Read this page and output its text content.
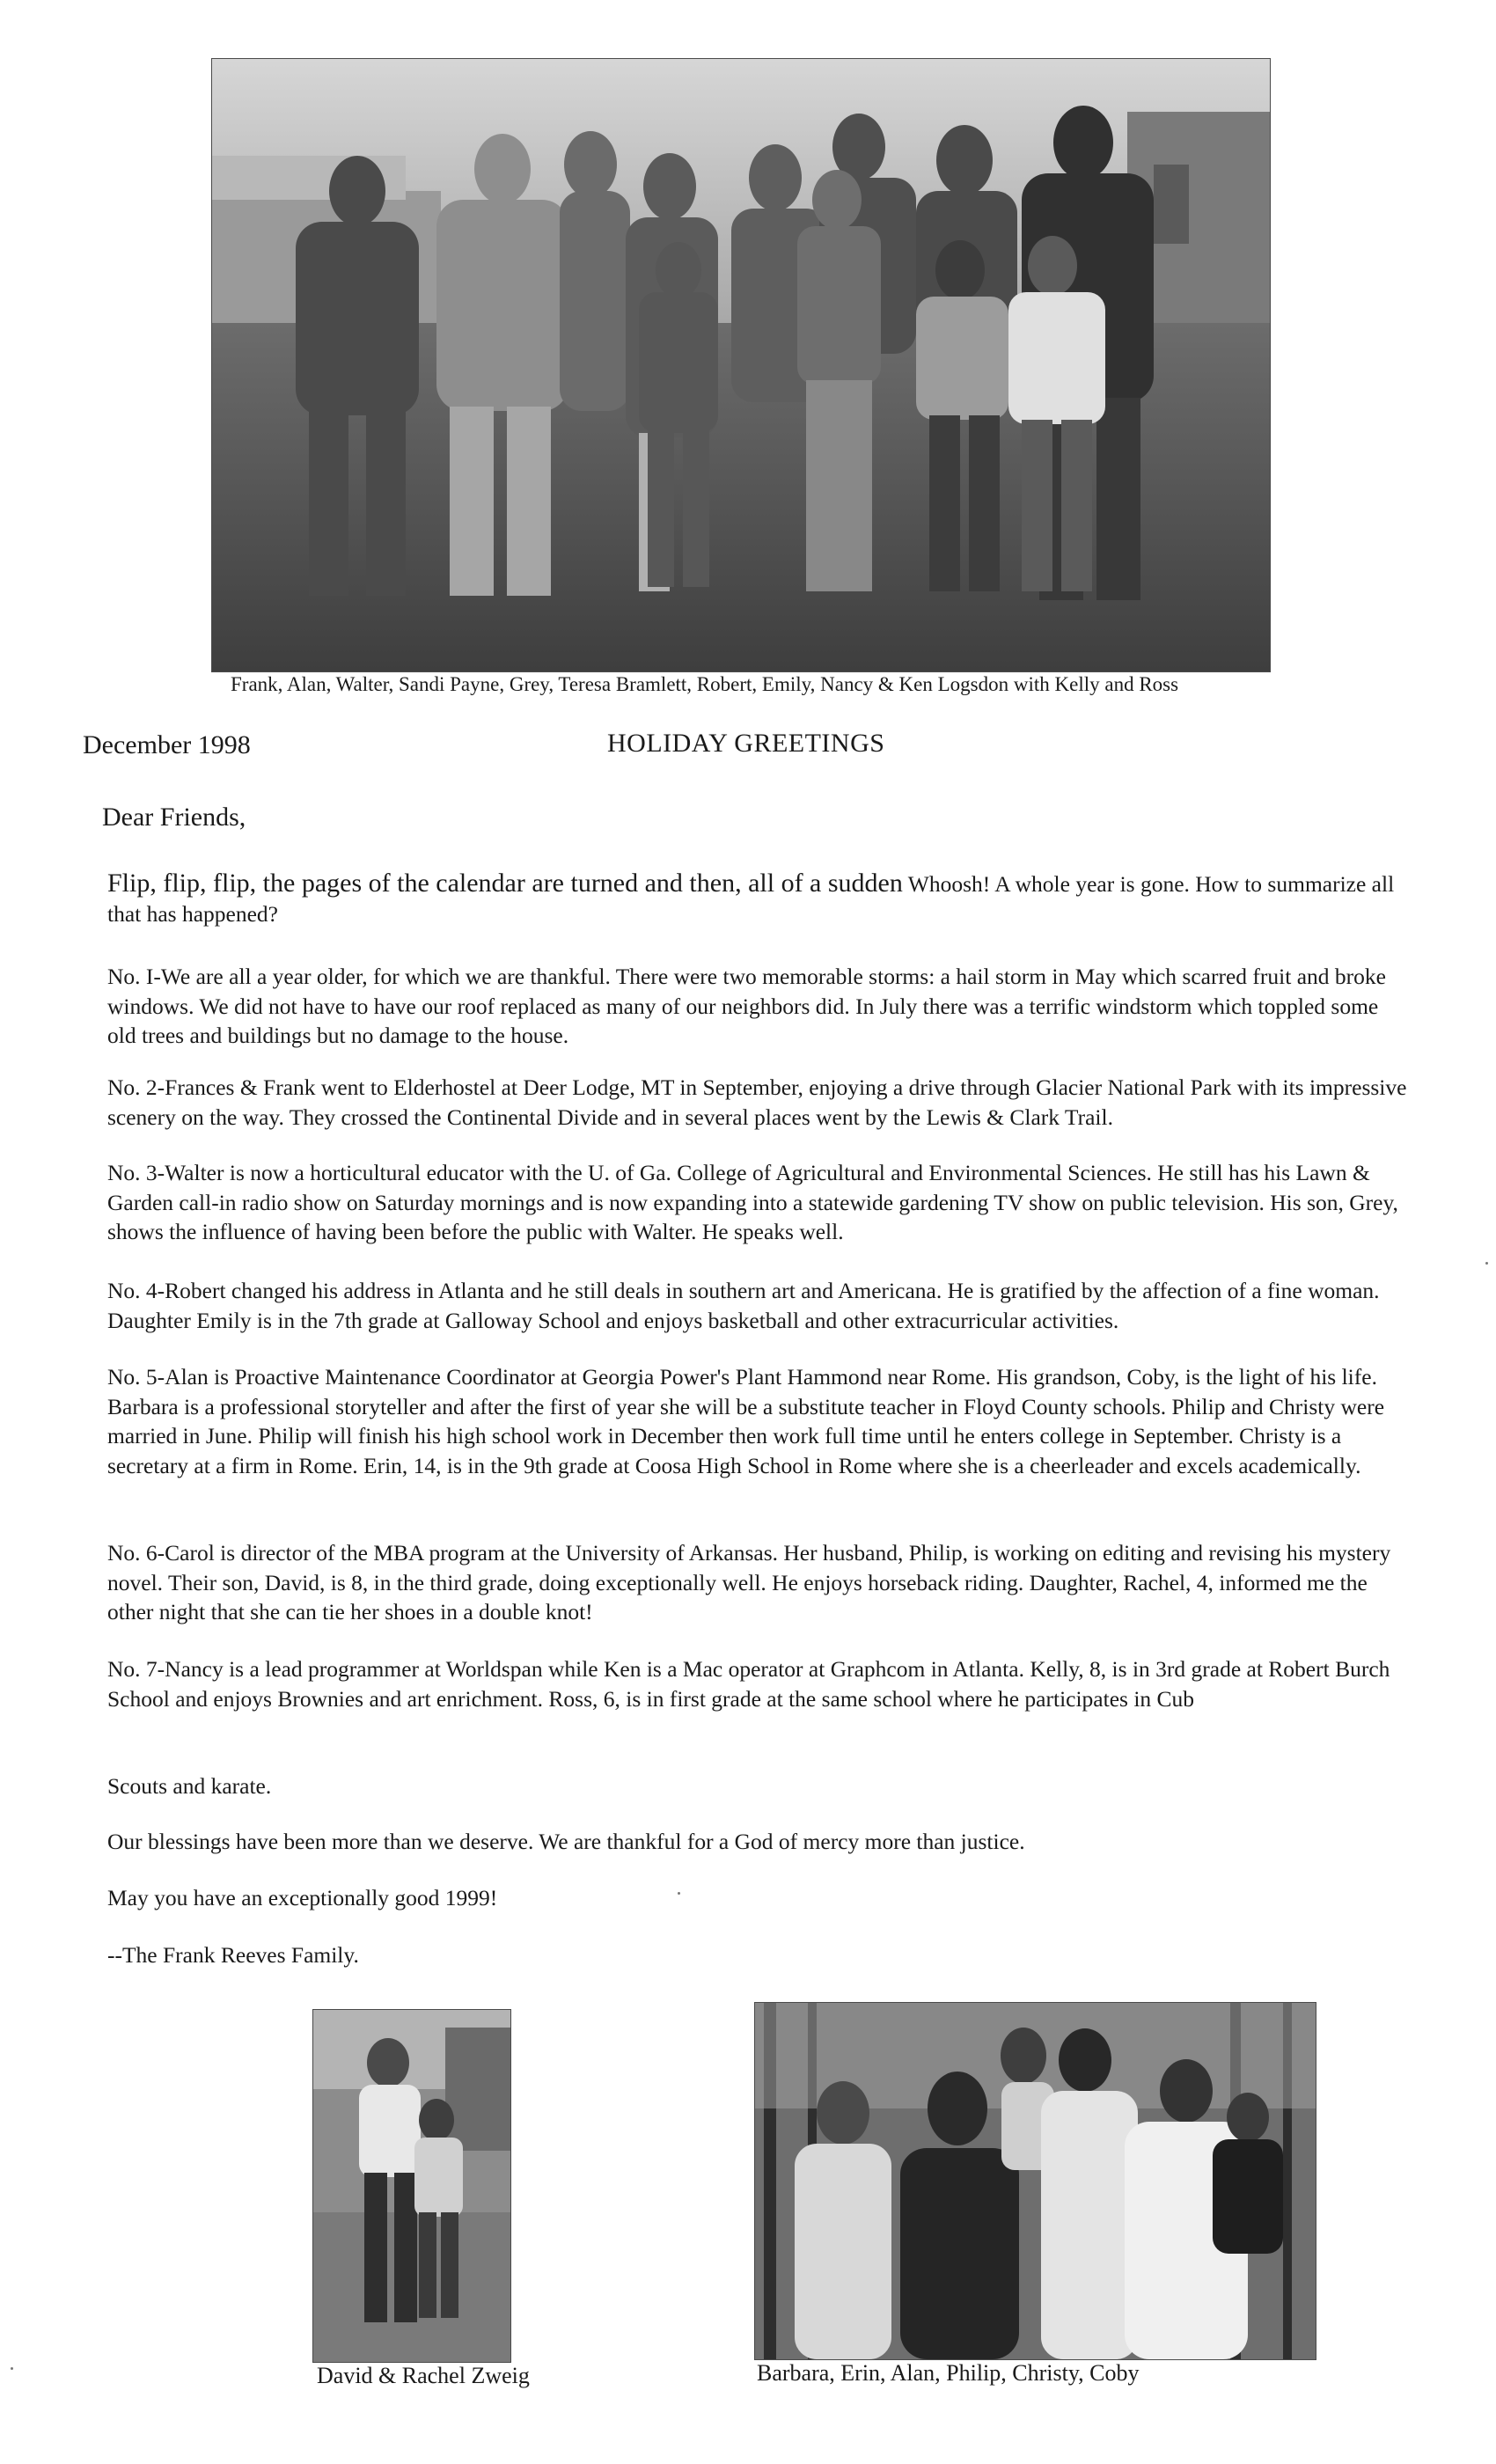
Frank, Alan, Walter, Sandi Payne, Grey, Teresa Bramlett, Robert, Emily, Nancy & Ken Logsdon with Kelly and Ross
December 1998	HOLIDAY GREETINGS
Dear Friends,

Flip, flip, flip, the pages of the calendar are turned and then, all of a sudden Whoosh! A whole year is gone. How to summarize all that has happened?

No. I-We are all a year older, for which we are thankful. There were two memorable storms: a hail storm in May which scarred fruit and broke windows. We did not have to have our roof replaced as many of our neighbors did. In July there was a terrific windstorm which toppled some old trees and buildings but no damage to the house.

No. 2-Frances & Frank went to Elderhostel at Deer Lodge, MT in September, enjoying a drive through Glacier National Park with its impressive scenery on the way. They crossed the Continental Divide and in several places went by the Lewis & Clark Trail.

No. 3-Walter is now a horticultural educator with the U. of Ga. College of Agricultural and Environmental Sciences. He still has his Lawn & Garden call-in radio show on Saturday mornings and is now expanding into a statewide gardening TV show on public television. His son, Grey, shows the influence of having been before the public with Walter. He speaks well.

No. 4-Robert changed his address in Atlanta and he still deals in southern art and Americana. He is gratified by the affection of a fine woman. Daughter Emily is in the 7th grade at Galloway School and enjoys basketball and other extracurricular activities.

No. 5-Alan is Proactive Maintenance Coordinator at Georgia Power's Plant Hammond near Rome. His grandson, Coby, is the light of his life. Barbara is a professional storyteller and after the first of year she will be a substitute teacher in Floyd County schools. Philip and Christy were married in June. Philip will finish his high school work in December then work full time until he enters college in September. Christy is a secretary at a firm in Rome. Erin, 14, is in the 9th grade at Coosa High School in Rome where she is a cheerleader and excels academically.

No. 6-Carol is director of the MBA program at the University of Arkansas. Her husband, Philip, is working on editing and revising his mystery novel. Their son, David, is 8, in the third grade, doing exceptionally well. He enjoys horseback riding. Daughter, Rachel, 4, informed me the other night that she can tie her shoes in a double knot!

No. 7-Nancy is a lead programmer at Worldspan while Ken is a Mac operator at Graphcom in Atlanta. Kelly, 8, is in 3rd grade at Robert Burch School and enjoys Brownies and art enrichment. Ross, 6, is in first grade at the same school where he participates in Cub

Scouts and karate.

Our blessings have been more than we deserve. We are thankful for a God of mercy more than justice.

May you have an exceptionally good 1999!

--The Frank Reeves Family.

David & Rachel Zweig	Barbara, Erin, Alan, Philip, Christy, Coby
